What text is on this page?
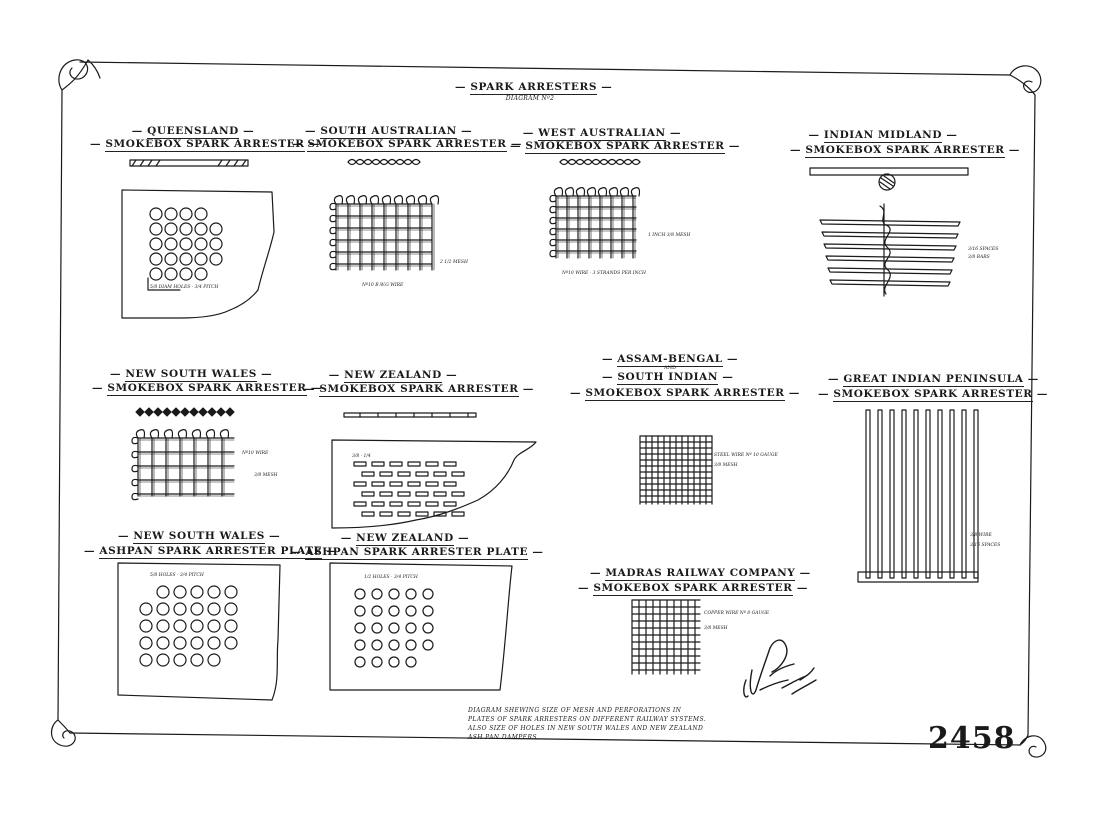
— SPARK ARRESTERS —
DIAGRAM Nº2
— QUEENSLAND —
— SMOKEBOX SPARK ARRESTER —
5/8 DIAM HOLES · 3/4 PITCH
— SOUTH AUSTRALIAN —
— SMOKEBOX SPARK ARRESTER —
2 1/2 MESH
Nº10 B.W.G WIRE
— WEST AUSTRALIAN —
— SMOKEBOX SPARK ARRESTER —
1 INCH 3/8 MESH
Nº10 WIRE · 3 STRANDS PER INCH
— INDIAN MIDLAND —
— SMOKEBOX SPARK ARRESTER —
3/16 SPACES
3/8 BARS
— NEW SOUTH WALES —
— SMOKEBOX SPARK ARRESTER —
Nº10 WIRE
3/8 MESH
— NEW ZEALAND —
— SMOKEBOX SPARK ARRESTER —
3/8 · 1/4
— ASSAM-BENGAL —
AND
— SOUTH INDIAN —
— SMOKEBOX SPARK ARRESTER —
STEEL WIRE Nº 10 GAUGE
3/8 MESH
— GREAT INDIAN PENINSULA —
— SMOKEBOX SPARK ARRESTER —
3/8 WIRE
3/16 SPACES
— NEW SOUTH WALES —
— ASHPAN SPARK ARRESTER PLATE —
5/8 HOLES · 3/4 PITCH
— NEW ZEALAND —
— ASHPAN SPARK ARRESTER PLATE —
1/2 HOLES · 3/4 PITCH
—	MADRAS RAILWAY COMPANY —
— SMOKEBOX SPARK ARRESTER —
COPPER WIRE Nº 8 GAUGE
3/8 MESH
DIAGRAM SHEWING SIZE OF MESH AND PERFORATIONS IN
PLATES OF SPARK ARRESTERS ON DIFFERENT RAILWAY SYSTEMS.
ALSO SIZE OF HOLES IN NEW SOUTH WALES AND NEW ZEALAND
ASH PAN DAMPERS.	2458
